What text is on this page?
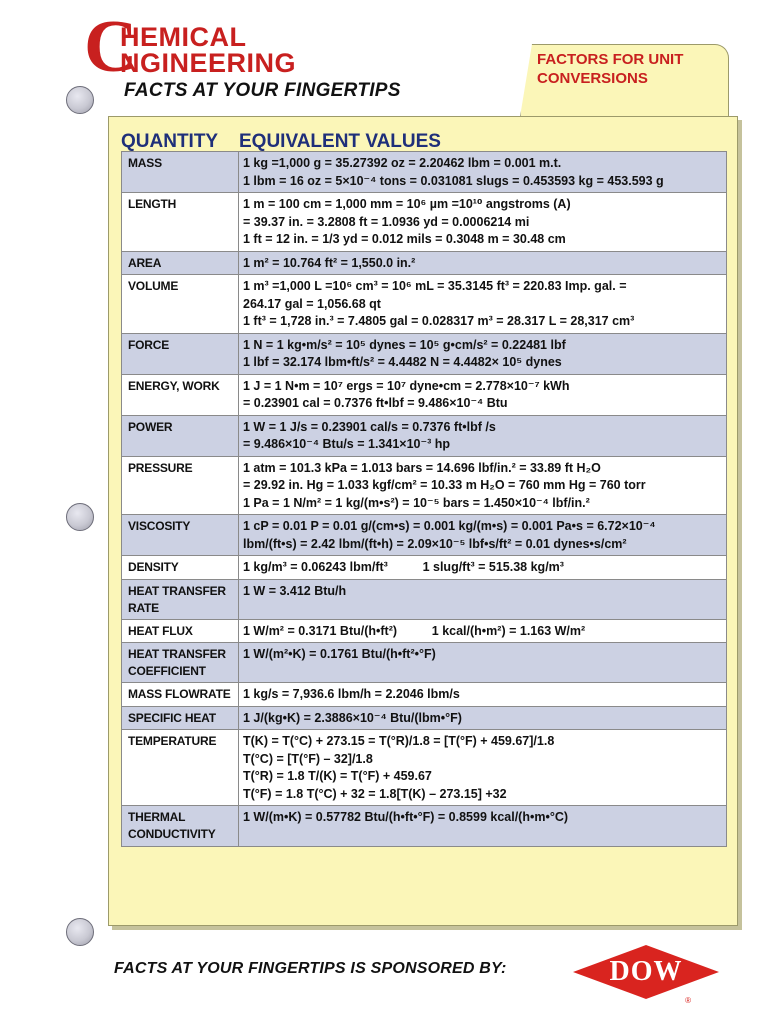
C
HEMICAL
NGINEERING
FACTS AT YOUR FINGERTIPS
FACTORS FOR UNIT CONVERSIONS
QUANTITY EQUIVALENT VALUES
MASS	1 kg =1,000 g = 35.27392 oz = 2.20462 lbm = 0.001 m.t.
1 lbm = 16 oz = 5×10⁻⁴ tons = 0.031081 slugs = 0.453593 kg = 453.593 g

LENGTH	1 m = 100 cm = 1,000 mm = 10⁶ µm =10¹⁰ angstroms (A)
= 39.37 in. = 3.2808 ft = 1.0936 yd = 0.0006214 mi
1 ft = 12 in. = 1/3 yd = 0.012 mils = 0.3048 m = 30.48 cm

AREA	1 m² = 10.764 ft² = 1,550.0 in.²

VOLUME	1 m³ =1,000 L =10⁶ cm³ = 10⁶ mL = 35.3145 ft³ = 220.83 Imp. gal. =
264.17 gal = 1,056.68 qt
1 ft³ = 1,728 in.³ = 7.4805 gal = 0.028317 m³ = 28.317 L = 28,317 cm³

FORCE	1 N = 1 kg•m/s² = 10⁵ dynes = 10⁵ g•cm/s² = 0.22481 lbf
1 lbf = 32.174 lbm•ft/s² = 4.4482 N = 4.4482× 10⁵ dynes

ENERGY, WORK	1 J = 1 N•m = 10⁷ ergs = 10⁷ dyne•cm = 2.778×10⁻⁷ kWh
= 0.23901 cal = 0.7376 ft•lbf = 9.486×10⁻⁴ Btu

POWER	1 W = 1 J/s = 0.23901 cal/s = 0.7376 ft•lbf /s
= 9.486×10⁻⁴ Btu/s = 1.341×10⁻³ hp

PRESSURE	1 atm = 101.3 kPa = 1.013 bars = 14.696 lbf/in.² = 33.89 ft H₂O
= 29.92 in. Hg = 1.033 kgf/cm² = 10.33 m H₂O = 760 mm Hg = 760 torr
1 Pa = 1 N/m² = 1 kg/(m•s²) = 10⁻⁵ bars = 1.450×10⁻⁴ lbf/in.²

VISCOSITY	1 cP = 0.01 P = 0.01 g/(cm•s) = 0.001 kg/(m•s) = 0.001 Pa•s = 6.72×10⁻⁴
lbm/(ft•s) = 2.42 lbm/(ft•h) = 2.09×10⁻⁵ lbf•s/ft² = 0.01 dynes•s/cm²

DENSITY	1 kg/m³ = 0.06243 lbm/ft³          1 slug/ft³ = 515.38 kg/m³

HEAT TRANSFER RATE	1 W = 3.412 Btu/h

HEAT FLUX	1 W/m² = 0.3171 Btu/(h•ft²)          1 kcal/(h•m²) = 1.163 W/m²

HEAT TRANSFER COEFFICIENT	1 W/(m²•K) = 0.1761 Btu/(h•ft²•°F)

MASS FLOWRATE	1 kg/s = 7,936.6 lbm/h = 2.2046 lbm/s

SPECIFIC HEAT	1 J/(kg•K) = 2.3886×10⁻⁴ Btu/(lbm•°F)

TEMPERATURE	T(K) = T(°C) + 273.15 = T(°R)/1.8 = [T(°F) + 459.67]/1.8
T(°C) = [T(°F) – 32]/1.8
T(°R) = 1.8 T/(K) = T(°F) + 459.67
T(°F) = 1.8 T(°C) + 32 = 1.8[T(K) – 273.15] +32

THERMAL CONDUCTIVITY	1 W/(m•K) = 0.57782 Btu/(h•ft•°F) = 0.8599 kcal/(h•m•°C)
FACTS AT YOUR FINGERTIPS IS SPONSORED BY:	DOW
®
